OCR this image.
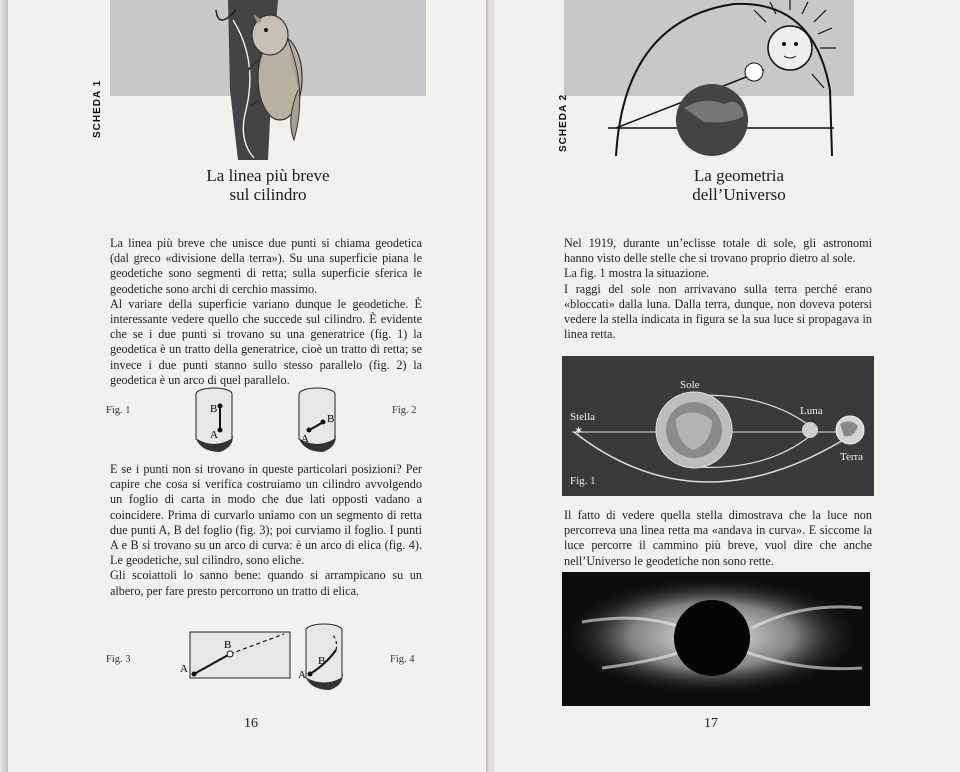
SCHEDA 1
La linea più breve
sul cilindro

La linea più breve che unisce due punti si chiama geodetica (dal greco «divisione della terra»). Su una superficie piana le geodetiche sono segmenti di retta; sulla superficie sferica le geodetiche sono archi di cerchio massimo.

Al variare della superficie variano dunque le geodetiche. È interessante vedere quello che succede sul cilindro. È evidente che se i due punti si trovano su una generatrice (fig. 1) la geodetica è un tratto della generatrice, cioè un tratto di retta; se invece i due punti stanno sullo stesso parallelo (fig. 2) la geodetica è un arco di quel parallelo.

Fig. 1	B
A
B
A
Fig. 2

E se i punti non si trovano in queste particolari posizioni? Per capire che cosa si verifica costruiamo un cilindro avvolgendo un foglio di carta in modo che due lati opposti vadano a coincidere. Prima di curvarlo uniamo con un segmento di retta due punti A, B del foglio (fig. 3); poi curviamo il foglio. I punti A e B si trovano su un arco di curva: è un arco di elica (fig. 4). Le geodetiche, sul cilindro, sono eliche.

Gli scoiattoli lo sanno bene: quando si arrampicano su un albero, per fare presto percorrono un tratto di elica.

Fig. 3
A
B
B
A
Fig. 4
16
SCHEDA 2
La geometria
dell’Universo

Nel 1919, durante un’eclisse totale di sole, gli astronomi hanno visto delle stelle che si trovano proprio dietro al sole.

La fig. 1 mostra la situazione.

I raggi del sole non arrivavano sulla terra perché erano «bloccati» dalla luna. Dalla terra, dunque, non doveva potersi vedere la stella indicata in figura se la sua luce si propagava in linea retta.

✶
Stella
Sole
Luna
Terra
Fig. 1

Il fatto di vedere quella stella dimostrava che la luce non percorreva una linea retta ma «andava in curva». E siccome la luce percorre il cammino più breve, vuol dire che anche nell’Universo le geodetiche non sono rette.

17
